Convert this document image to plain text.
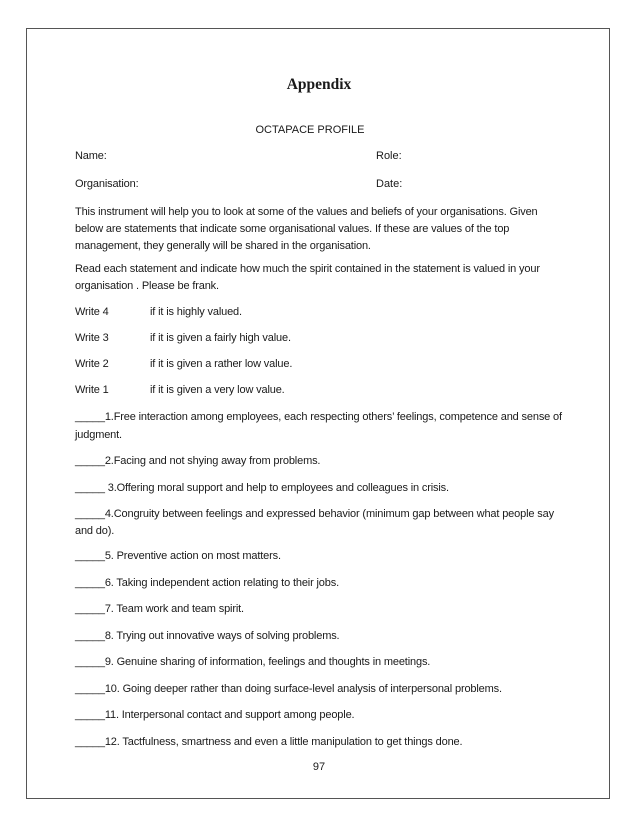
Appendix
OCTAPACE PROFILE
Name:	Role:
Organisation:	Date:
This instrument will help you to look at some of the values and beliefs of your organisations. Given
below are statements that indicate some organisational values. If these are values of the top
management, they generally will be shared in the organisation.
Read each statement and indicate how much the spirit contained in the statement is valued in your
organisation . Please be frank.
Write 4	if it is highly valued.
Write 3	if it is given a fairly high value.
Write 2	if it is given a rather low value.
Write 1	if it is given a very low value.
_____1.Free interaction among employees, each respecting others’ feelings, competence and sense of
judgment.
_____2.Facing and not shying away from problems.
_____ 3.Offering moral support and help to employees and colleagues in crisis.
_____4.Congruity between feelings and expressed behavior (minimum gap between what people say
and do).
_____5. Preventive action on most matters.
_____6. Taking independent action relating to their jobs.
_____7. Team work and team spirit.
_____8. Trying out innovative ways of solving problems.
_____9. Genuine sharing of information, feelings and thoughts in meetings.
_____10. Going deeper rather than doing surface-level analysis of interpersonal problems.
_____11. Interpersonal contact and support among people.
_____12. Tactfulness, smartness and even a little manipulation to get things done.
97
